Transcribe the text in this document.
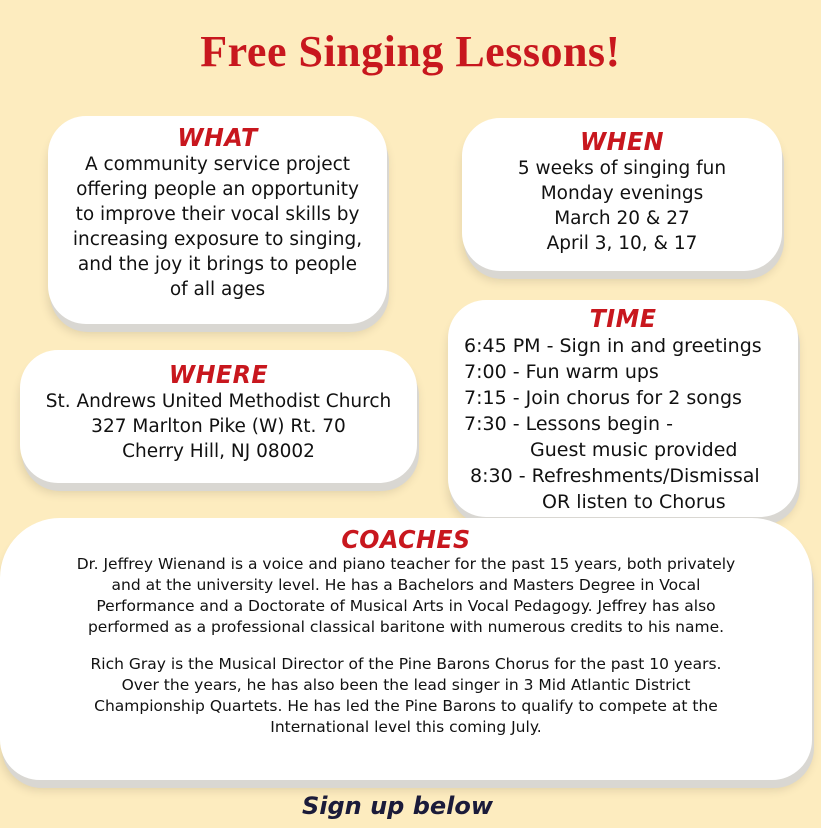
Free Singing Lessons!
WHAT
A community service project
offering people an opportunity
to improve their vocal skills by
increasing exposure to singing,
and the joy it brings to people
of all ages
WHEN
5 weeks of singing fun
Monday evenings
March 20 & 27
April 3, 10, & 17
WHERE
St. Andrews United Methodist Church
327 Marlton Pike (W) Rt. 70
Cherry Hill, NJ 08002
TIME
6:45 PM - Sign in and greetings
7:00 - Fun warm ups
7:15 - Join chorus for 2 songs
7:30 - Lessons begin -
Guest music provided
8:30 - Refreshments/Dismissal
OR listen to Chorus
COACHES
Dr. Jeffrey Wienand is a voice and piano teacher for the past 15 years, both privately
and at the university level. He has a Bachelors and Masters Degree in Vocal
Performance and a Doctorate of Musical Arts in Vocal Pedagogy. Jeffrey has also
performed as a professional classical baritone with numerous credits to his name.
Rich Gray is the Musical Director of the Pine Barons Chorus for the past 10 years.
Over the years, he has also been the lead singer in 3 Mid Atlantic District
Championship Quartets. He has led the Pine Barons to qualify to compete at the
International level this coming July.
Sign up below
